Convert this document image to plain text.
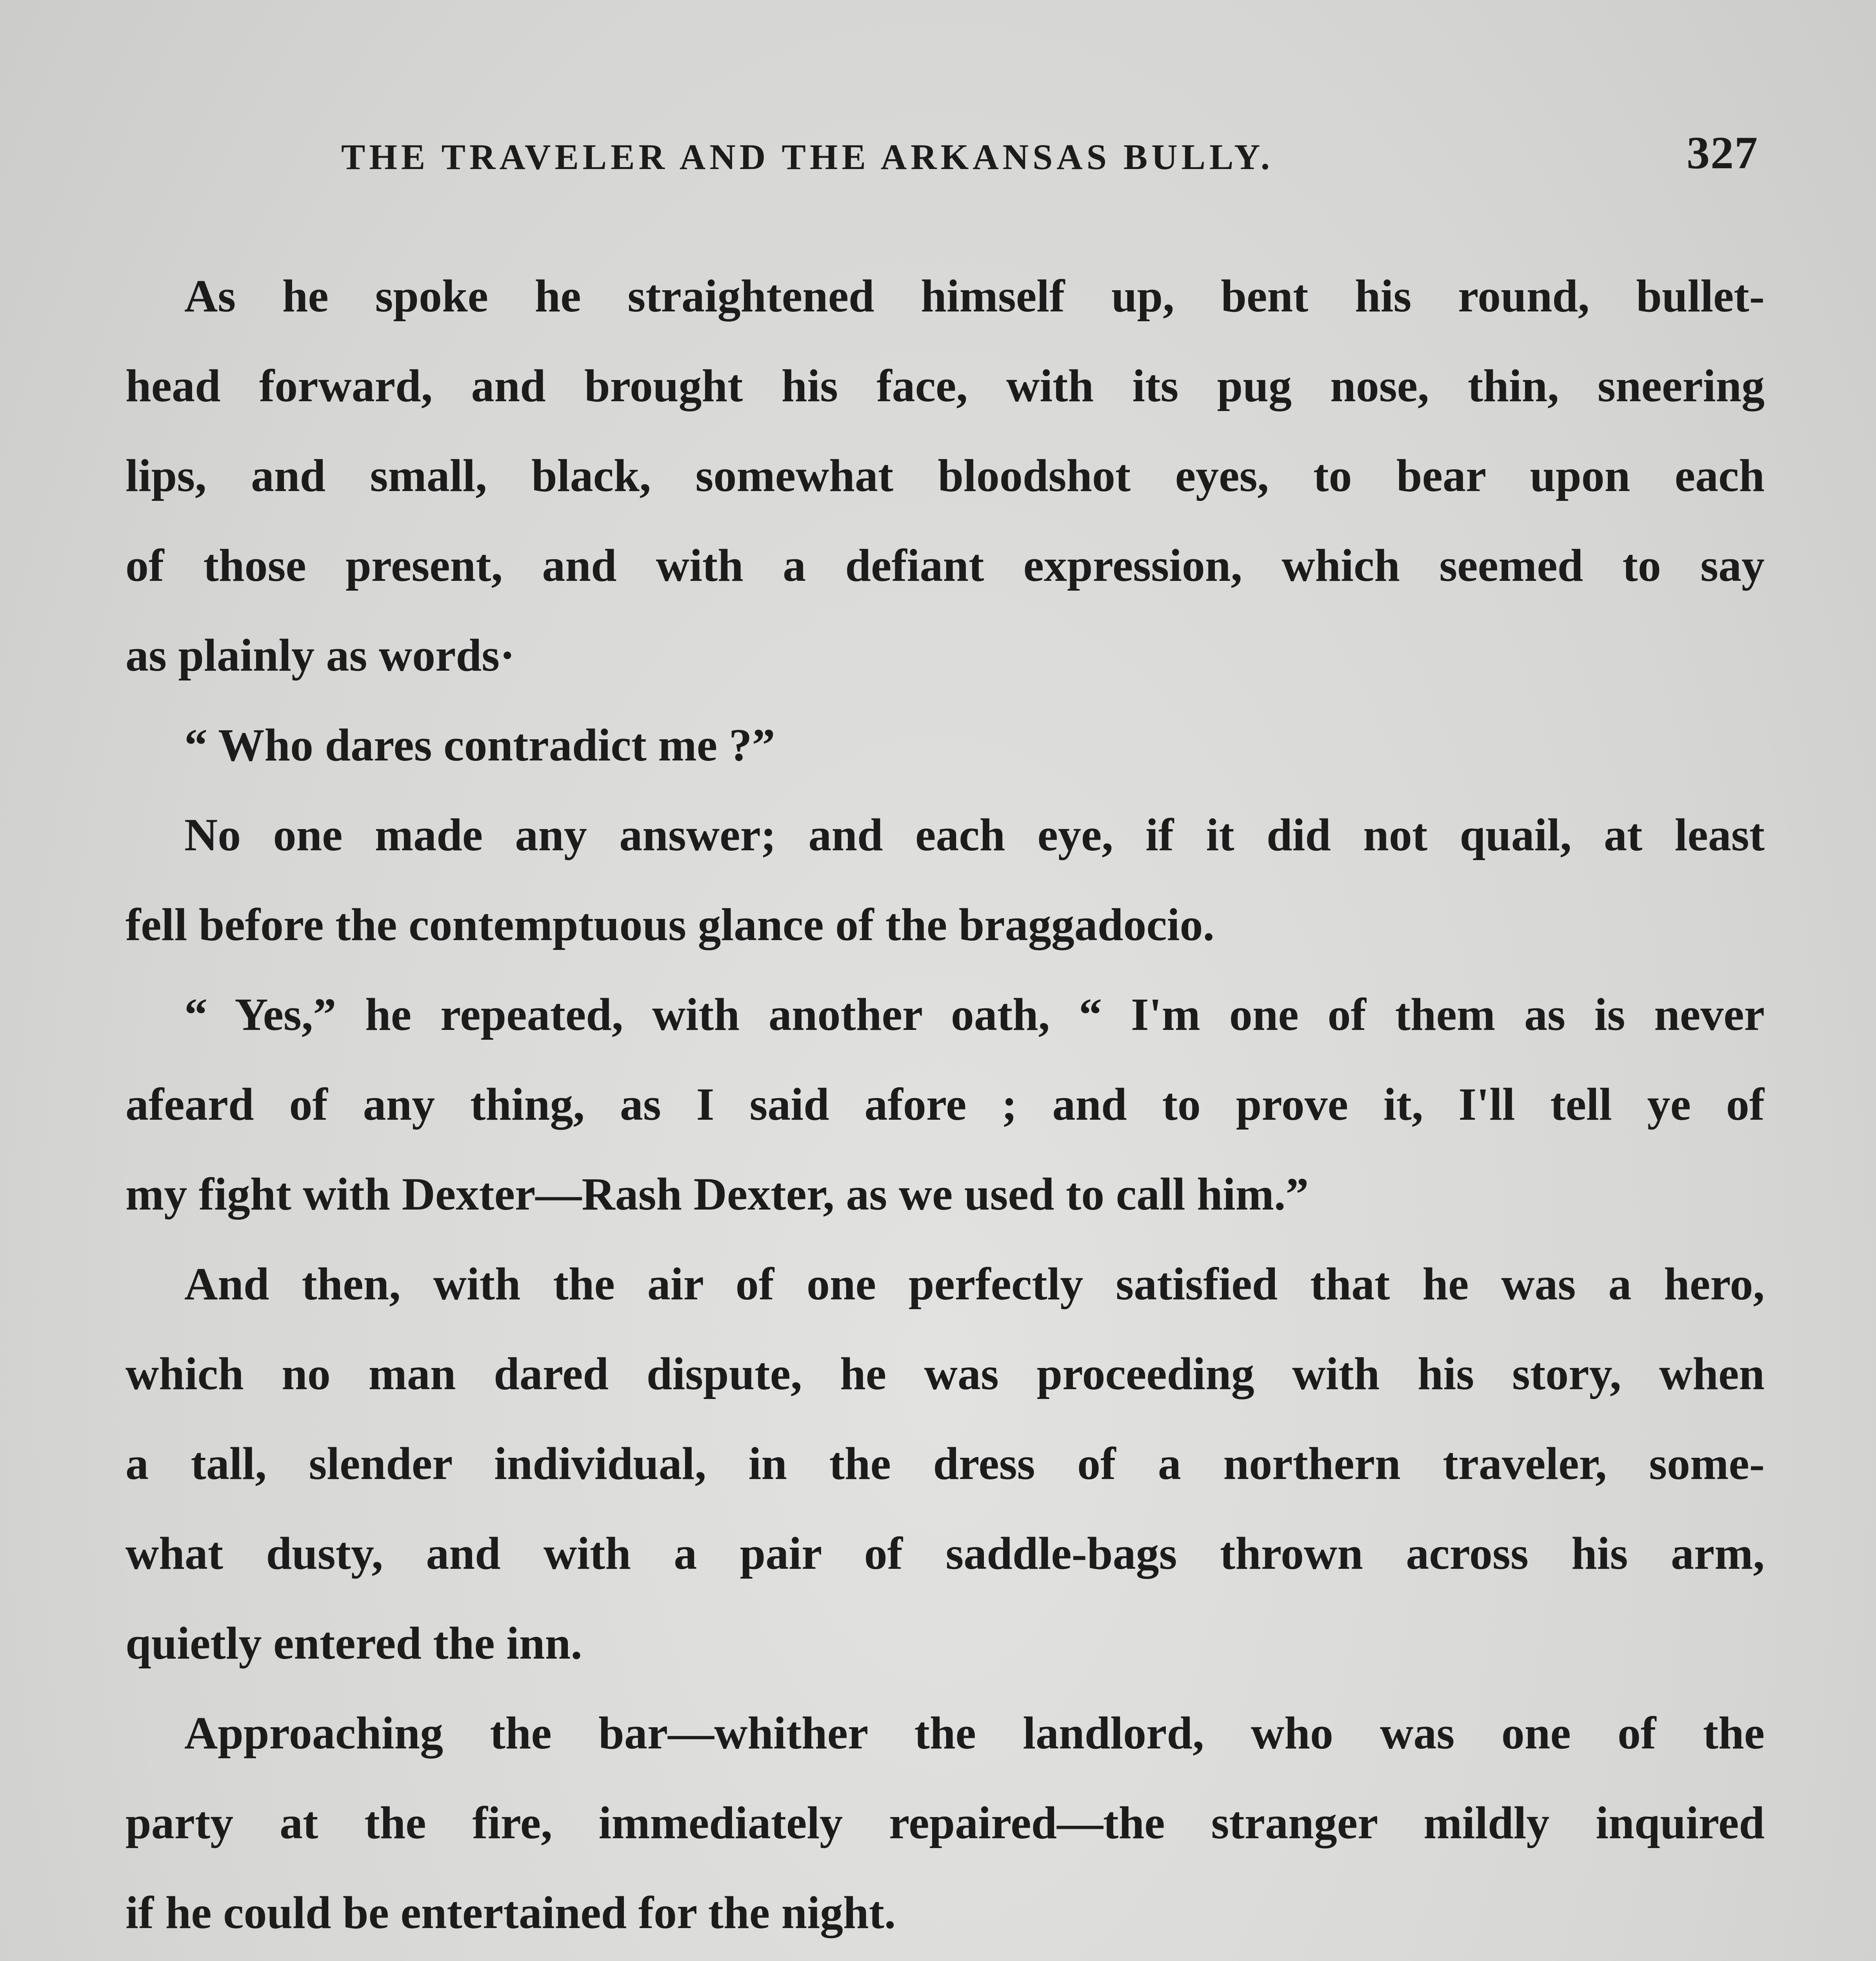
THE TRAVELER AND THE ARKANSAS BULLY.	327
As he spoke he straightened himself up, bent his round, bullet-
head forward, and brought his face, with its pug nose, thin, sneering
lips, and small, black, somewhat bloodshot eyes, to bear upon each
of those present, and with a defiant expression, which seemed to say
as plainly as words·
“ Who dares contradict me ?”
No one made any answer; and each eye, if it did not quail, at least
fell before the contemptuous glance of the braggadocio.
“ Yes,” he repeated, with another oath, “ I'm one of them as is never
afeard of any thing, as I said afore ; and to prove it, I'll tell ye of
my fight with Dexter—Rash Dexter, as we used to call him.”
And then, with the air of one perfectly satisfied that he was a hero,
which no man dared dispute, he was proceeding with his story, when
a tall, slender individual, in the dress of a northern traveler, some-
what dusty, and with a pair of saddle-bags thrown across his arm,
quietly entered the inn.
Approaching the bar—whither the landlord, who was one of the
party at the fire, immediately repaired—the stranger mildly inquired
if he could be entertained for the night.
